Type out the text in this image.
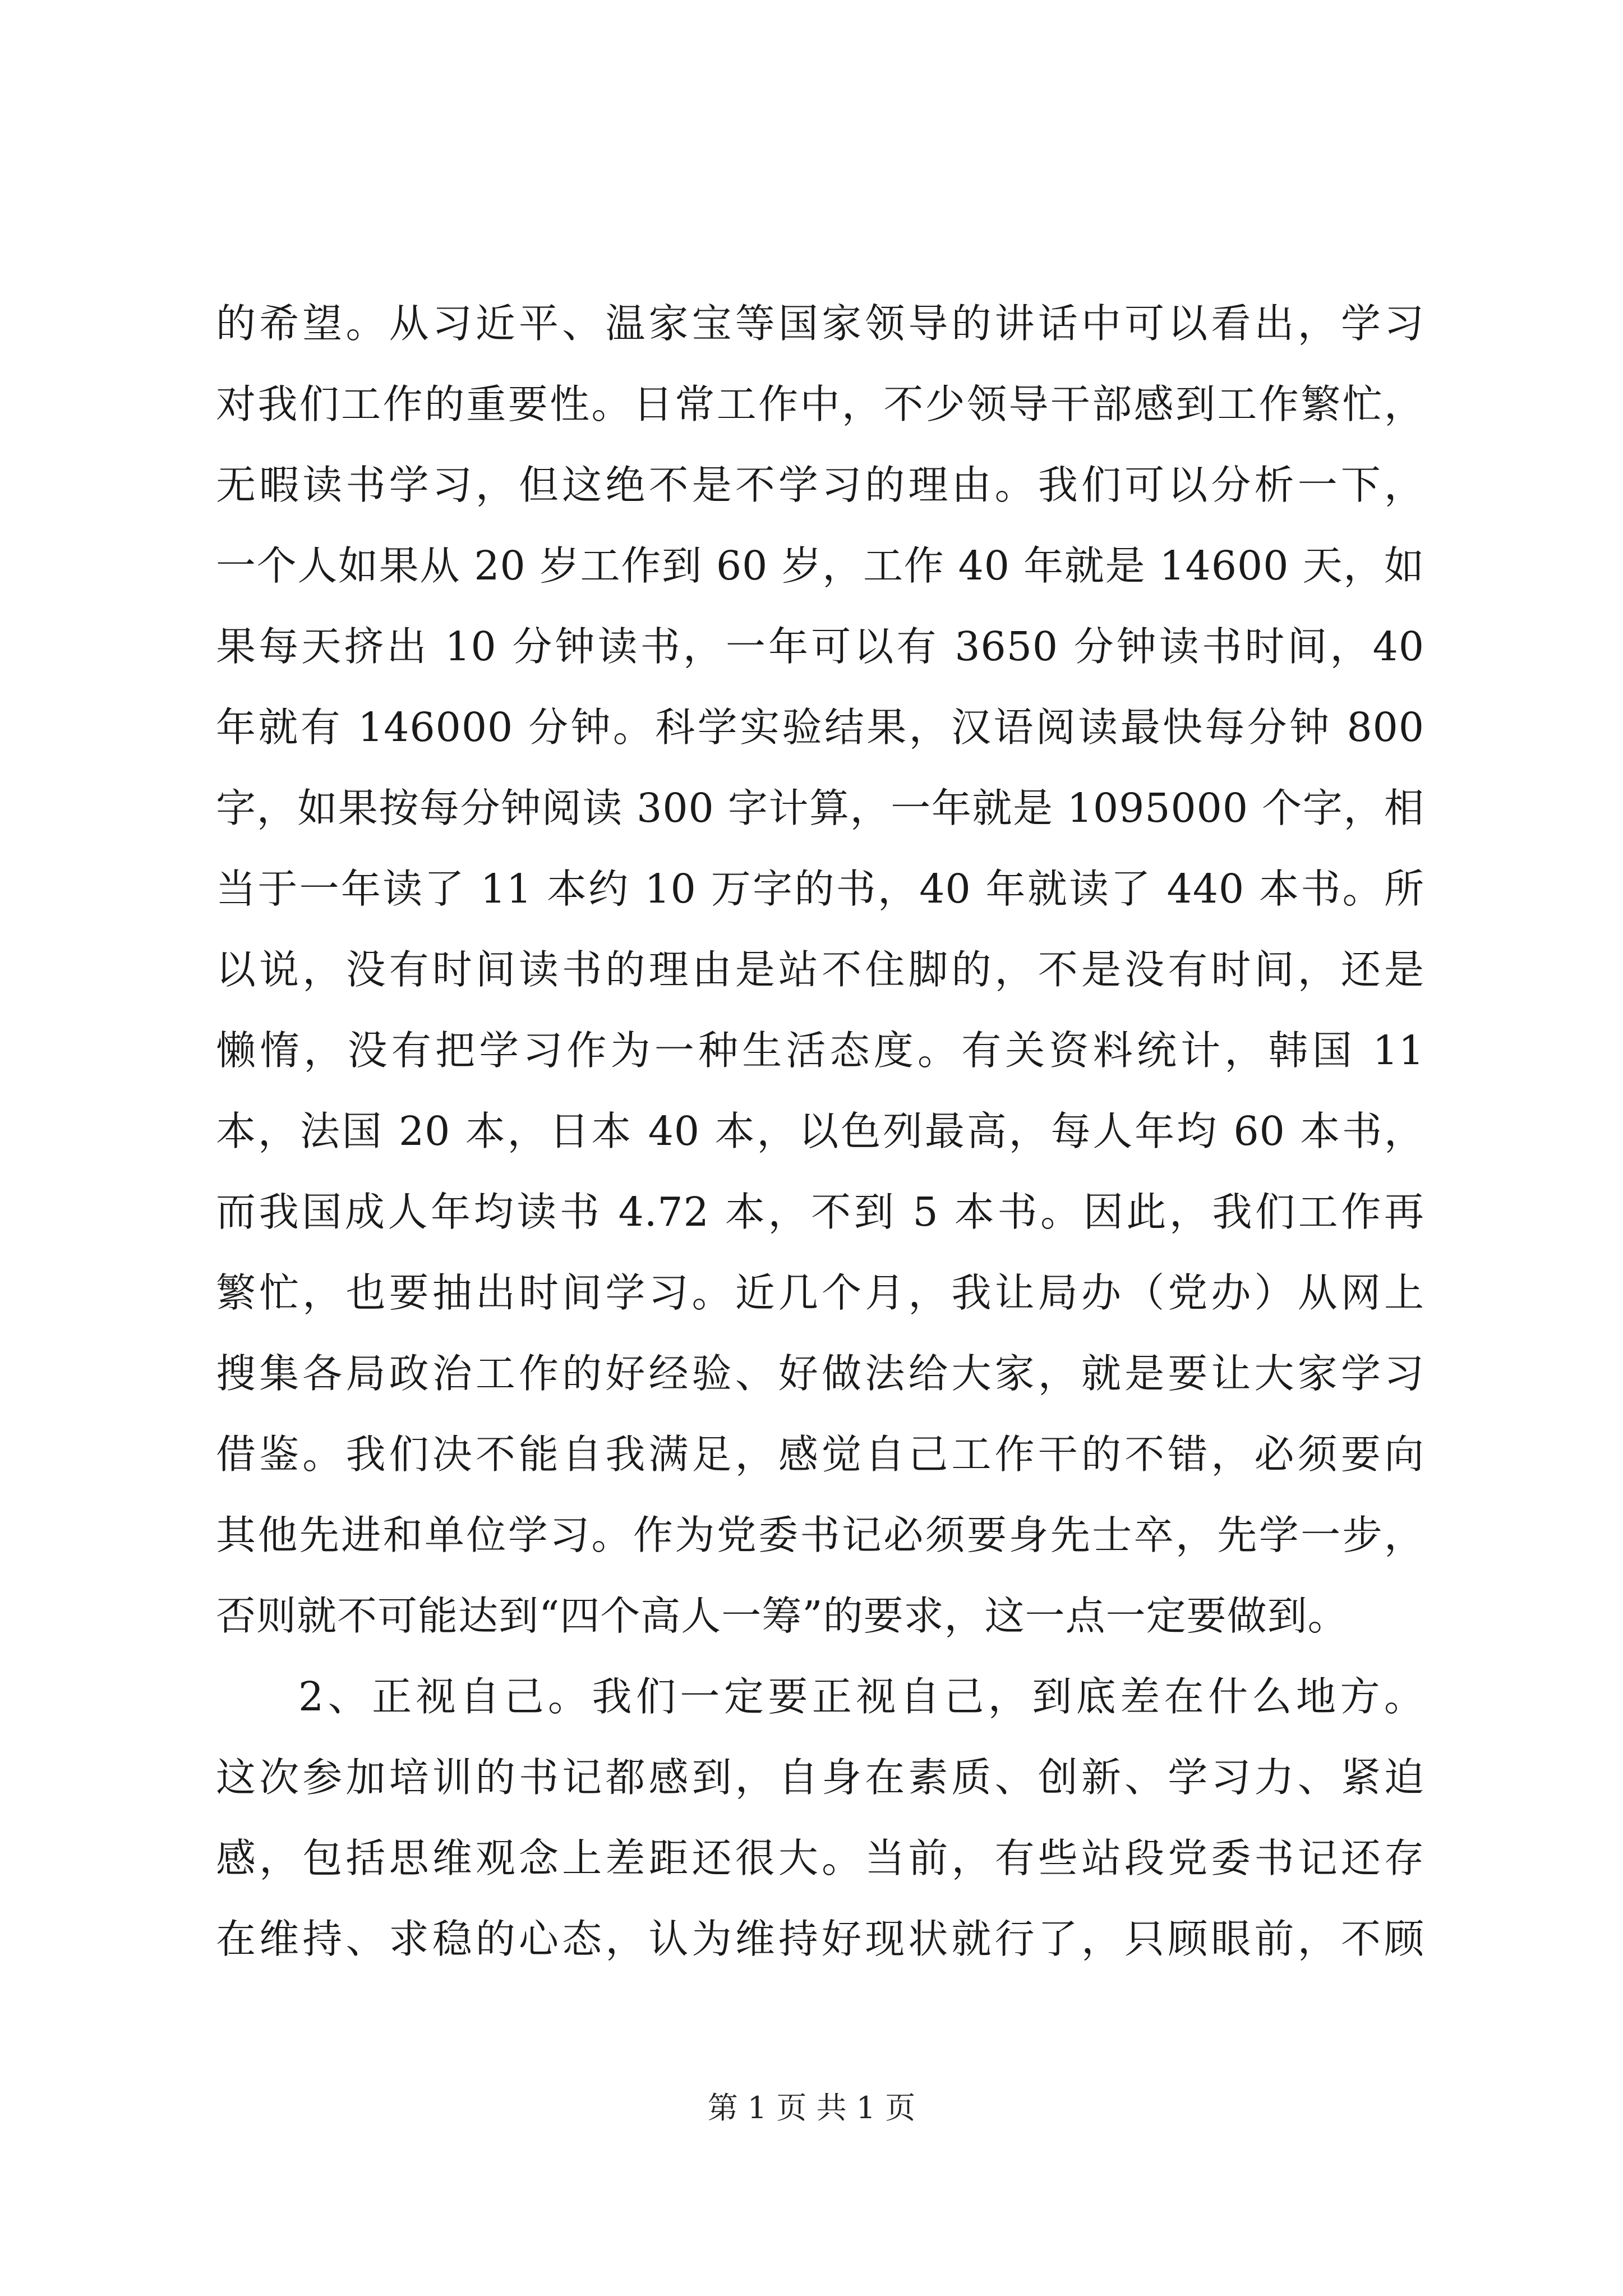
的希望。从习近平、温家宝等国家领导的讲话中可以看出，学习
对我们工作的重要性。日常工作中，不少领导干部感到工作繁忙，
无暇读书学习，但这绝不是不学习的理由。我们可以分析一下，
一个人如果从 20 岁工作到 60 岁，工作 40 年就是 14600 天，如
果每天挤出 10 分钟读书，一年可以有 3650 分钟读书时间，40
年就有 146000 分钟。科学实验结果，汉语阅读最快每分钟 800
字，如果按每分钟阅读 300 字计算，一年就是 1095000 个字，相
当于一年读了 11 本约 10 万字的书，40 年就读了 440 本书。所
以说，没有时间读书的理由是站不住脚的，不是没有时间，还是
懒惰，没有把学习作为一种生活态度。有关资料统计，韩国 11
本，法国 20 本，日本 40 本，以色列最高，每人年均 60 本书，
而我国成人年均读书 4.72 本，不到 5 本书。因此，我们工作再
繁忙，也要抽出时间学习。近几个月，我让局办（党办）从网上
搜集各局政治工作的好经验、好做法给大家，就是要让大家学习
借鉴。我们决不能自我满足，感觉自己工作干的不错，必须要向
其他先进和单位学习。作为党委书记必须要身先士卒，先学一步，
否则就不可能达到“四个高人一筹”的要求，这一点一定要做到。
2、正视自己。我们一定要正视自己，到底差在什么地方。
这次参加培训的书记都感到，自身在素质、创新、学习力、紧迫
感，包括思维观念上差距还很大。当前，有些站段党委书记还存
在维持、求稳的心态，认为维持好现状就行了，只顾眼前，不顾
第 1 页 共 1 页
